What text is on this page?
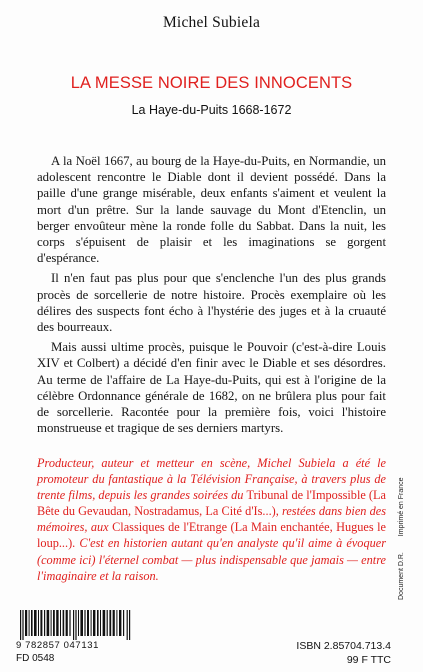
Michel Subiela
LA MESSE NOIRE DES INNOCENTS
La Haye-du-Puits 1668-1672

A la Noël 1667, au bourg de la Haye-du-Puits, en Normandie, un adolescent rencontre le Diable dont il devient possédé. Dans la paille d'une grange misérable, deux enfants s'aiment et veulent la mort d'un prêtre. Sur la lande sauvage du Mont d'Etenclin, un berger envoûteur mène la ronde folle du Sabbat. Dans la nuit, les corps s'épuisent de plaisir et les imaginations se gorgent d'espérance.

Il n'en faut pas plus pour que s'enclenche l'un des plus grands procès de sorcellerie de notre histoire. Procès exemplaire où les délires des suspects font écho à l'hystérie des juges et à la cruauté des bourreaux.

Mais aussi ultime procès, puisque le Pouvoir (c'est-à-dire Louis XIV et Colbert) a décidé d'en finir avec le Diable et ses désordres. Au terme de l'affaire de La Haye-du-Puits, qui est à l'origine de la célèbre Ordonnance générale de 1682, on ne brûlera plus pour fait de sorcellerie. Racontée pour la première fois, voici l'histoire monstrueuse et tragique de ses derniers martyrs.

Producteur, auteur et metteur en scène, Michel Subiela a été le promoteur du fantastique à la Télévision Française, à travers plus de trente films, depuis les grandes soirées du Tribunal de l'Impossible (La Bête du Gevaudan, Nostradamus, La Cité d'Is...), restées dans bien des mémoires, aux Classiques de l'Etrange (La Main enchantée, Hugues le loup...). C'est en historien autant qu'en analyste qu'il aime à évoquer (comme ici) l'éternel combat — plus indispensable que jamais — entre l'imaginaire et la raison.
9 782857 047131
FD 0548
ISBN 2.85704.713.4
99 F TTC
Document D.R. Imprimé en France
